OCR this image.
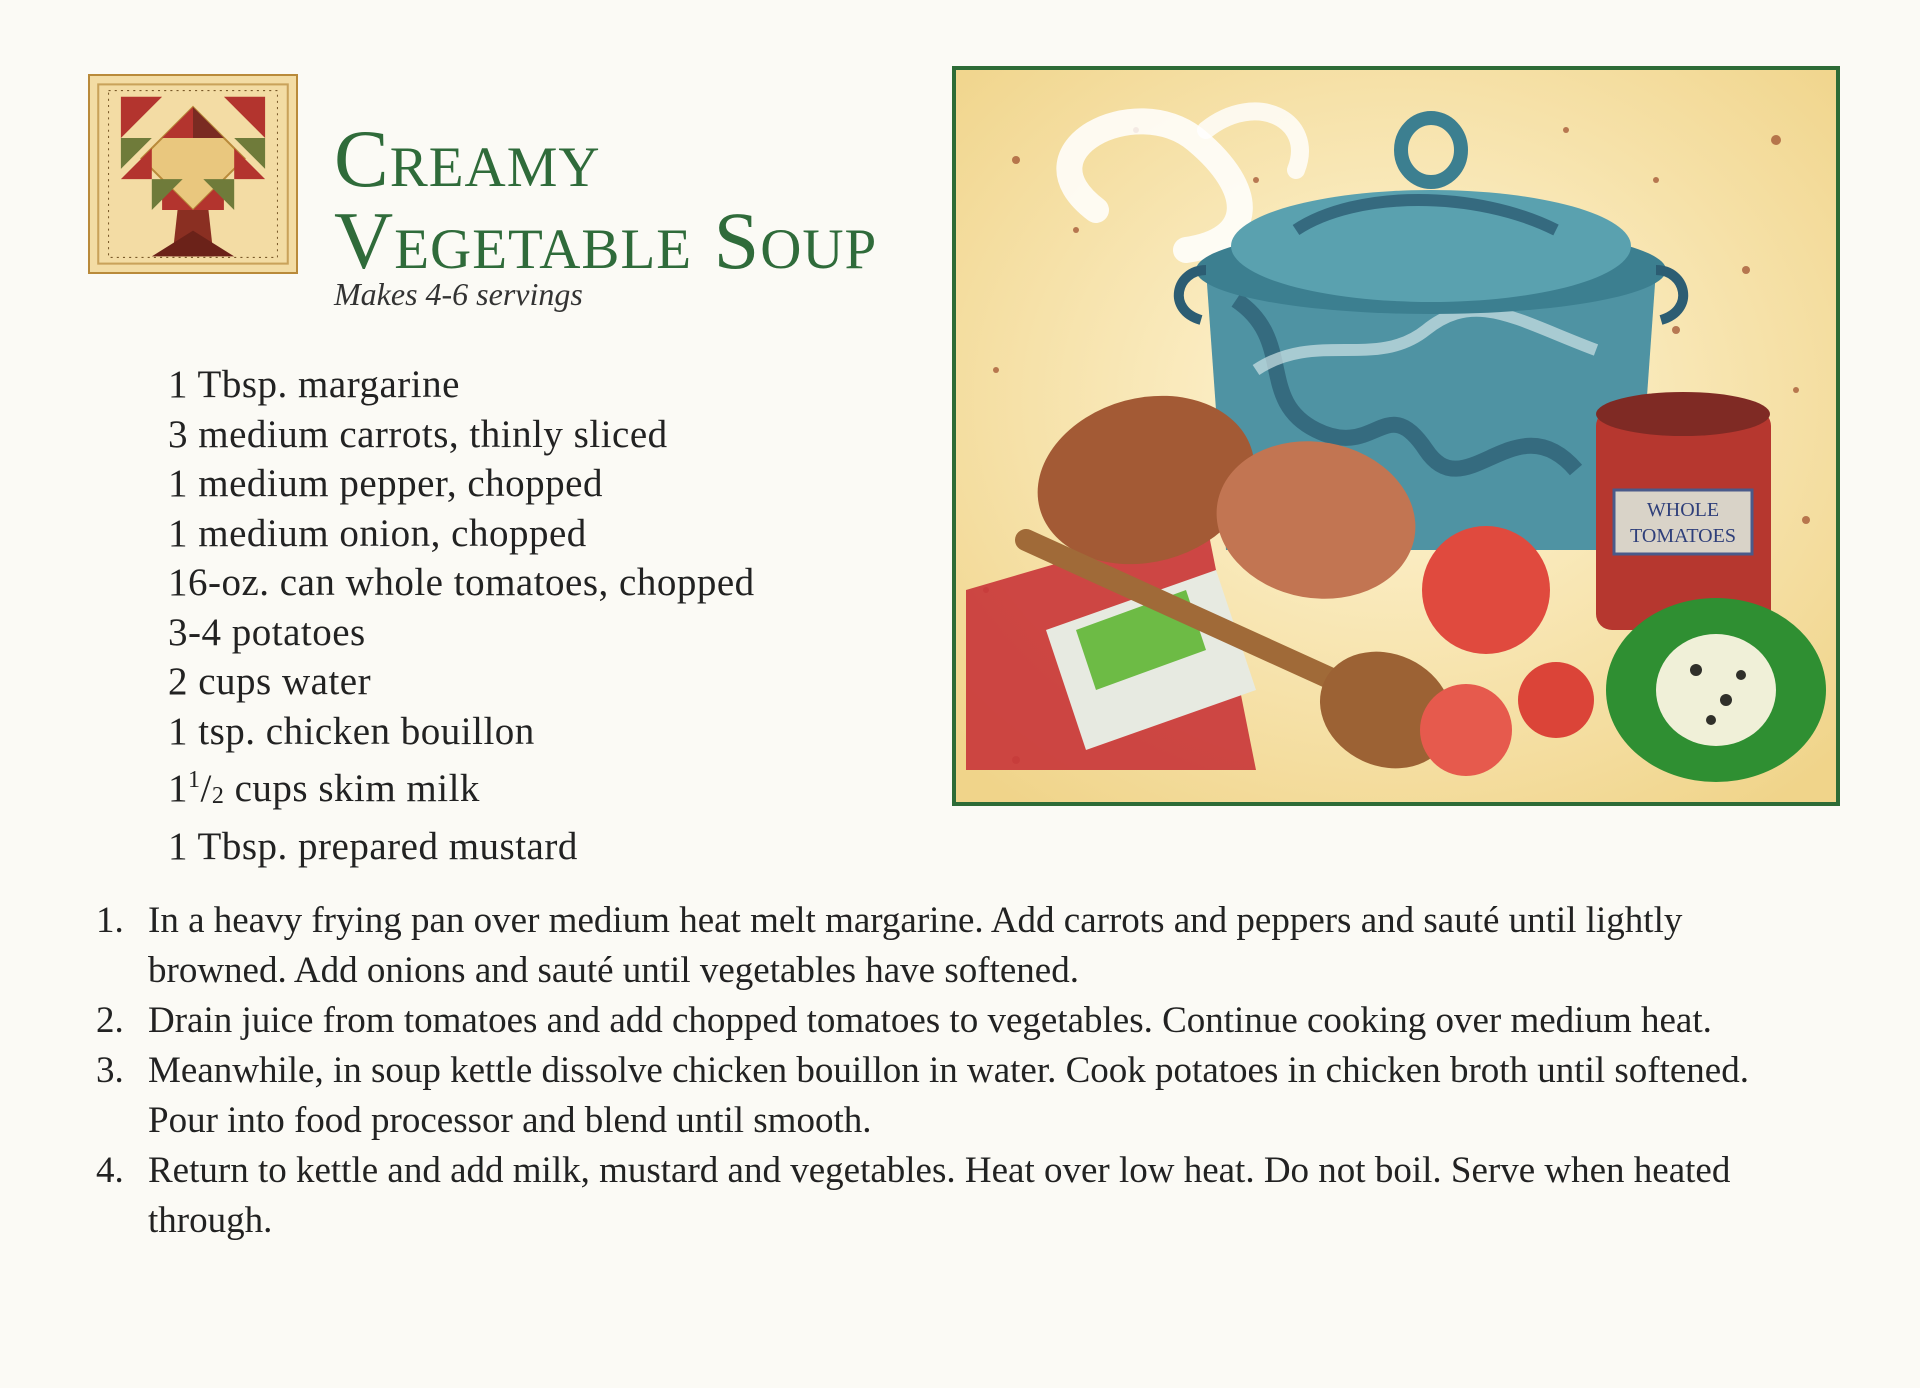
Creamy
Vegetable Soup

Makes 4-6 servings

1 Tbsp. margarine
3 medium carrots, thinly sliced
1 medium pepper, chopped
1 medium onion, chopped
16-oz. can whole tomatoes, chopped
3-4 potatoes
2 cups water
1 tsp. chicken bouillon
$1^1/_2$ cups skim milk
1 Tbsp. prepared mustard
WHOLE
TOMATOES
1. In a heavy frying pan over medium heat melt margarine. Add carrots and peppers and sauté until lightly browned. Add onions and sauté until vegetables have softened.
2. Drain juice from tomatoes and add chopped tomatoes to vegetables. Continue cooking over medium heat.
3. Meanwhile, in soup kettle dissolve chicken bouillon in water. Cook potatoes in chicken broth until softened. Pour into food processor and blend until smooth.
4. Return to kettle and add milk, mustard and vegetables. Heat over low heat. Do not boil. Serve when heated through.
